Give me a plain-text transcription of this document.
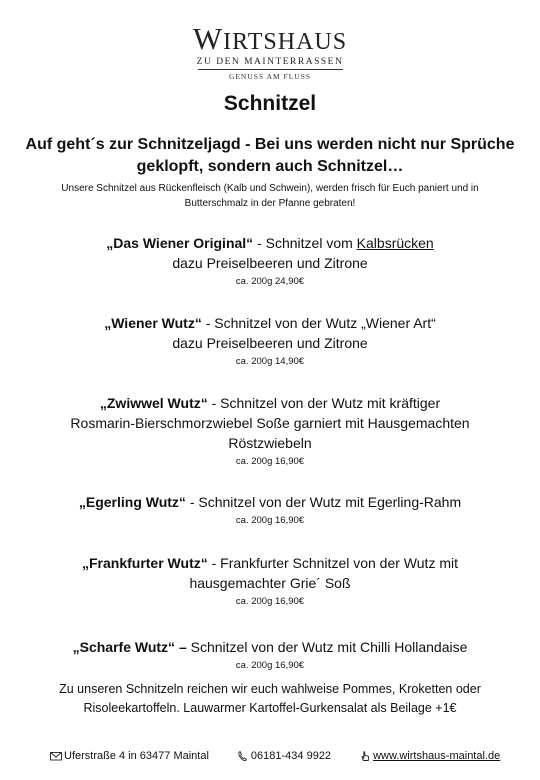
WIRTSHAUS
ZU DEN MAINTERRASSEN
GENUSS AM FLUSS
Schnitzel
Auf geht´s zur Schnitzeljagd - Bei uns werden nicht nur Sprüche geklopft, sondern auch Schnitzel…
Unsere Schnitzel aus Rückenfleisch (Kalb und Schwein), werden frisch für Euch paniert und in Butterschmalz in der Pfanne gebraten!
„Das Wiener Original“ - Schnitzel vom Kalbsrücken
dazu Preiselbeeren und Zitrone
ca. 200g 24,90€
„Wiener Wutz“ - Schnitzel von der Wutz „Wiener Art“
dazu Preiselbeeren und Zitrone
ca. 200g 14,90€
„Zwiwwel Wutz“ - Schnitzel von der Wutz mit kräftiger
Rosmarin-Bierschmorzwiebel Soße garniert mit Hausgemachten
Röstzwiebeln
ca. 200g 16,90€
„Egerling Wutz“ - Schnitzel von der Wutz mit Egerling-Rahm
ca. 200g 16,90€
„Frankfurter Wutz“ - Frankfurter Schnitzel von der Wutz mit
hausgemachter Grie´ Soß
ca. 200g 16,90€
„Scharfe Wutz“ – Schnitzel von der Wutz mit Chilli Hollandaise
ca. 200g 16,90€
Zu unseren Schnitzeln reichen wir euch wahlweise Pommes, Kroketten oder Risoleekartoffeln. Lauwarmer Kartoffel-Gurkensalat als Beilage +1€
Uferstraße 4 in 63477 Maintal	06181-434 9922	www.wirtshaus-maintal.de
